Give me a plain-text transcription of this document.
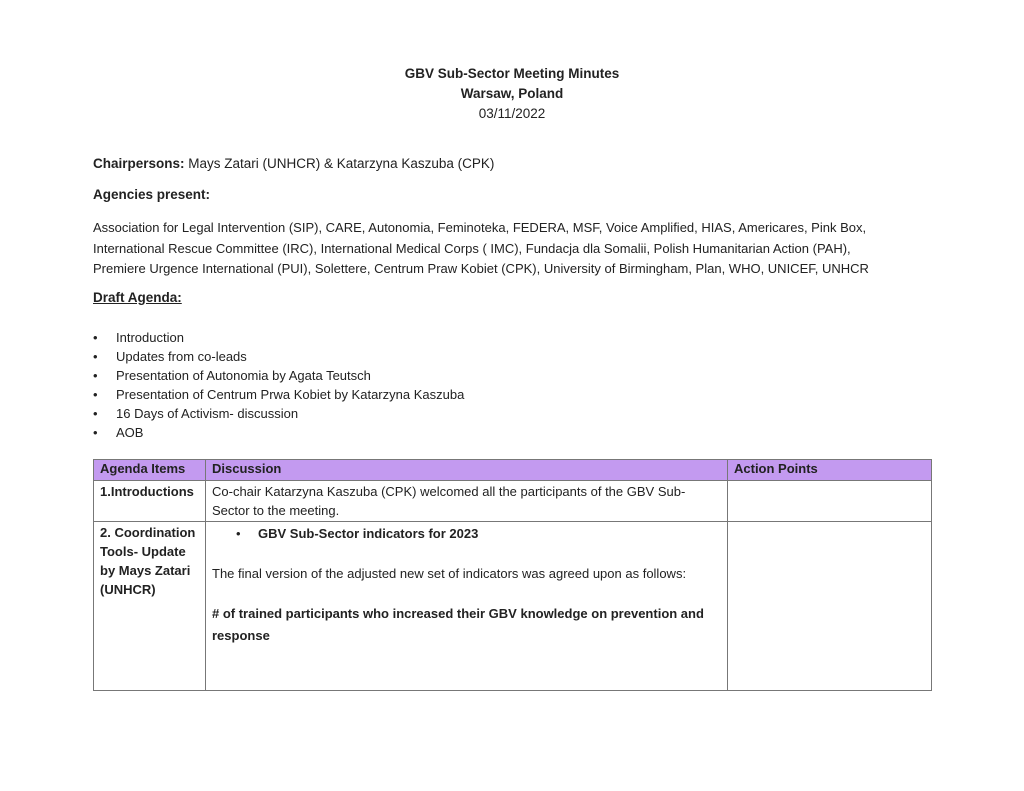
GBV Sub-Sector Meeting Minutes
Warsaw, Poland
03/11/2022
Chairpersons: Mays Zatari (UNHCR) & Katarzyna Kaszuba (CPK)
Agencies present:
Association for Legal Intervention (SIP), CARE, Autonomia, Feminoteka, FEDERA, MSF, Voice Amplified, HIAS, Americares, Pink Box,
International Rescue Committee (IRC), International Medical Corps ( IMC), Fundacja dla Somalii, Polish Humanitarian Action (PAH),
Premiere Urgence International (PUI), Solettere, Centrum Praw Kobiet (CPK), University of Birmingham, Plan, WHO, UNICEF, UNHCR
Draft Agenda:
• Introduction
• Updates from co-leads
• Presentation of Autonomia by Agata Teutsch
• Presentation of Centrum Prwa Kobiet by Katarzyna Kaszuba
• 16 Days of Activism- discussion
• AOB
Agenda Items	Discussion	Action Points
1.Introductions	Co-chair Katarzyna Kaszuba (CPK) welcomed all the participants of the GBV Sub-Sector to the meeting.	
2. Coordination Tools- Update by Mays Zatari (UNHCR)	• GBV Sub-Sector indicators for 2023
The final version of the adjusted new set of indicators was agreed upon as follows:
# of trained participants who increased their GBV knowledge on prevention and response
